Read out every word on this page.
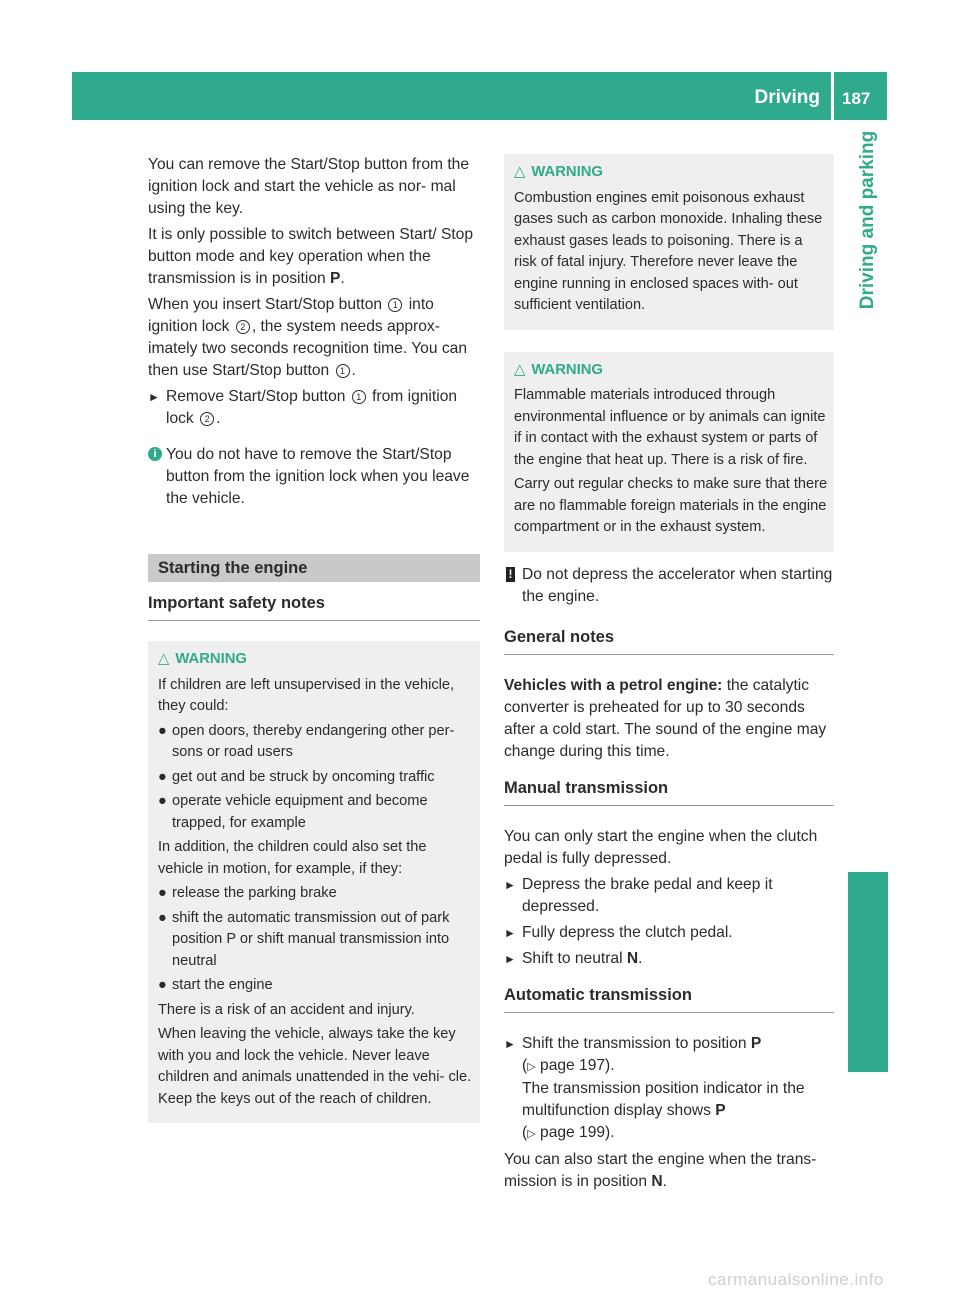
Driving 187
Driving and parking

You can remove the Start/Stop button from the ignition lock and start the vehicle as nor- mal using the key.

It is only possible to switch between Start/ Stop button mode and key operation when the transmission is in position P.

When you insert Start/Stop button 1 into ignition lock 2 , the system needs approx- imately two seconds recognition time. You can then use Start/Stop button 1 .

► Remove Start/Stop button 1 from ignition lock 2 .
i You do not have to remove the Start/Stop button from the ignition lock when you leave the vehicle.
Starting the engine
Important safety notes
△ WARNING

If children are left unsupervised in the vehicle, they could:

● open doors, thereby endangering other per- sons or road users
● get out and be struck by oncoming traffic
● operate vehicle equipment and become trapped, for example

In addition, the children could also set the vehicle in motion, for example, if they:

● release the parking brake
● shift the automatic transmission out of park position P or shift manual transmission into neutral
● start the engine

There is a risk of an accident and injury.

When leaving the vehicle, always take the key with you and lock the vehicle. Never leave children and animals unattended in the vehi- cle. Keep the keys out of the reach of children.

△ WARNING

Combustion engines emit poisonous exhaust gases such as carbon monoxide. Inhaling these exhaust gases leads to poisoning. There is a risk of fatal injury. Therefore never leave the engine running in enclosed spaces with- out sufficient ventilation.

△ WARNING

Flammable materials introduced through environmental influence or by animals can ignite if in contact with the exhaust system or parts of the engine that heat up. There is a risk of fire.

Carry out regular checks to make sure that there are no flammable foreign materials in the engine compartment or in the exhaust system.

! Do not depress the accelerator when starting the engine.
General notes

Vehicles with a petrol engine: the catalytic converter is preheated for up to 30 seconds after a cold start. The sound of the engine may change during this time.

Manual transmission

You can only start the engine when the clutch pedal is fully depressed.

► Depress the brake pedal and keep it depressed.
► Fully depress the clutch pedal.
► Shift to neutral N.
Automatic transmission
► Shift the transmission to position P
(▷ page 197).
The transmission position indicator in the multifunction display shows P
(▷ page 199).

You can also start the engine when the trans- mission is in position N.

carmanualsonline.info
